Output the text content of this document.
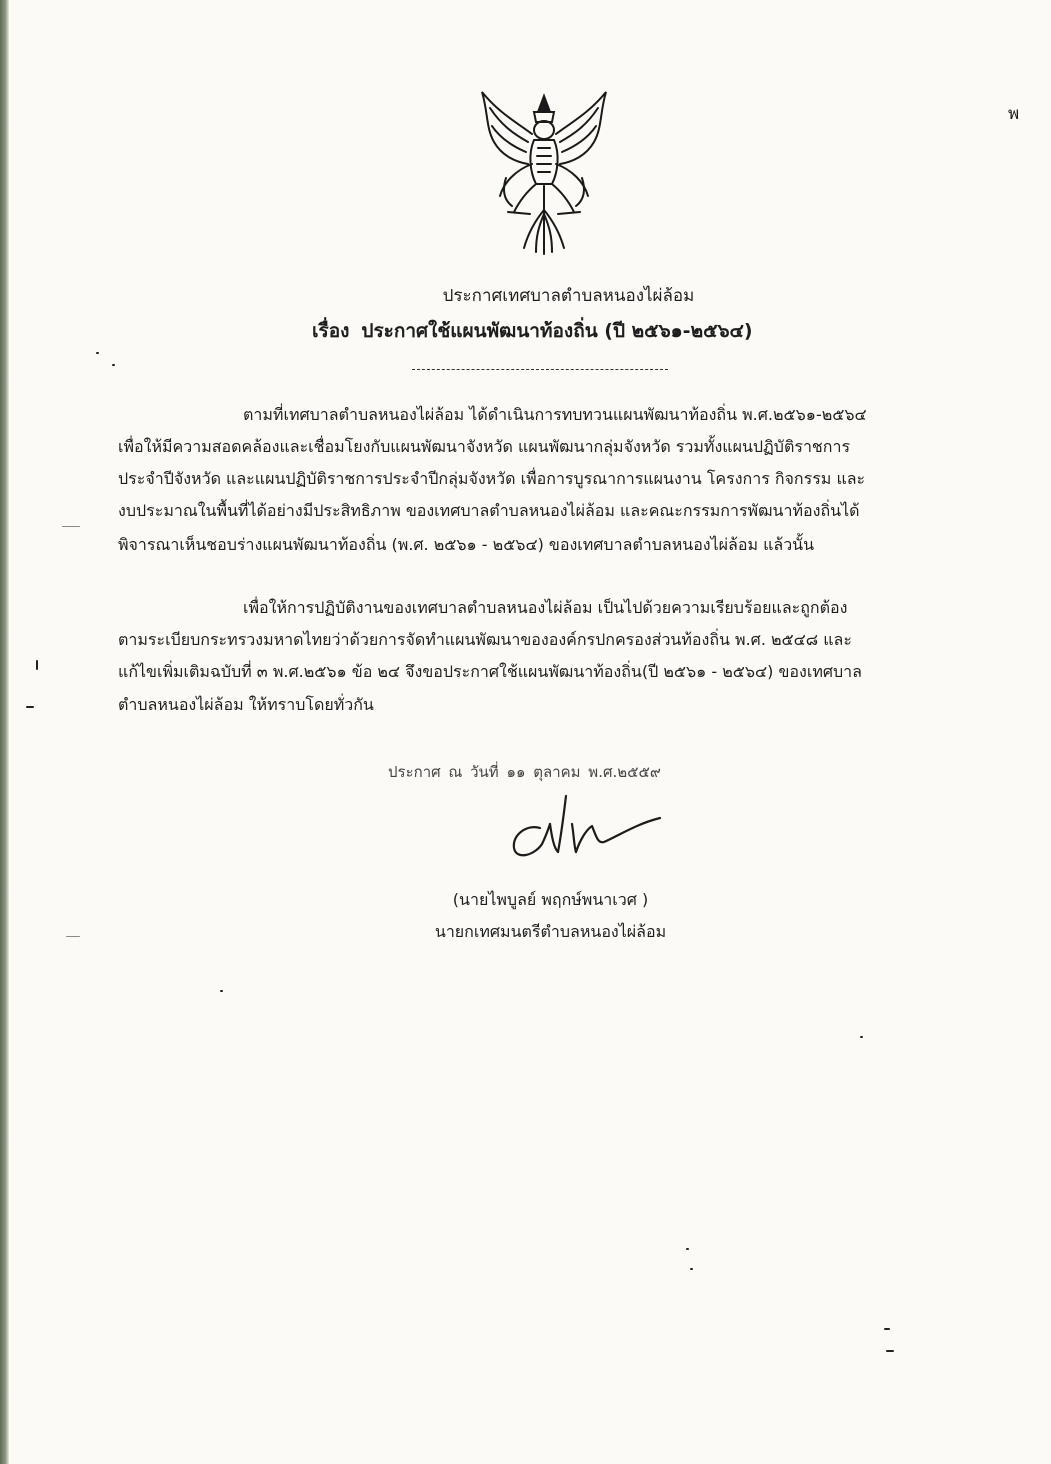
พ
ประกาศเทศบาลตำบลหนองไผ่ล้อม
เรื่อง ประกาศใช้แผนพัฒนาท้องถิ่น (ปี ๒๕๖๑-๒๕๖๔)
ตามที่เทศบาลตำบลหนองไผ่ล้อม ได้ดำเนินการทบทวนแผนพัฒนาท้องถิ่น พ.ศ.๒๕๖๑-๒๕๖๔
เพื่อให้มีความสอดคล้องและเชื่อมโยงกับแผนพัฒนาจังหวัด แผนพัฒนากลุ่มจังหวัด รวมทั้งแผนปฏิบัติราชการ
ประจำปีจังหวัด และแผนปฏิบัติราชการประจำปีกลุ่มจังหวัด เพื่อการบูรณาการแผนงาน โครงการ กิจกรรม และ
งบประมาณในพื้นที่ได้อย่างมีประสิทธิภาพ ของเทศบาลตำบลหนองไผ่ล้อม และคณะกรรมการพัฒนาท้องถิ่นได้
พิจารณาเห็นชอบร่างแผนพัฒนาท้องถิ่น (พ.ศ. ๒๕๖๑ - ๒๕๖๔) ของเทศบาลตำบลหนองไผ่ล้อม แล้วนั้น
เพื่อให้การปฏิบัติงานของเทศบาลตำบลหนองไผ่ล้อม เป็นไปด้วยความเรียบร้อยและถูกต้อง
ตามระเบียบกระทรวงมหาดไทยว่าด้วยการจัดทำแผนพัฒนาขององค์กรปกครองส่วนท้องถิ่น พ.ศ. ๒๕๔๘ และ
แก้ไขเพิ่มเติมฉบับที่ ๓ พ.ศ.๒๕๖๑ ข้อ ๒๔ จึงขอประกาศใช้แผนพัฒนาท้องถิ่น(ปี ๒๕๖๑ - ๒๕๖๔) ของเทศบาล
ตำบลหนองไผ่ล้อม ให้ทราบโดยทั่วกัน
ประกาศ ณ วันที่ ๑๑ ตุลาคม พ.ศ.๒๕๕๙
(นายไพบูลย์ พฤกษ์พนาเวศ )
นายกเทศมนตรีตำบลหนองไผ่ล้อม
